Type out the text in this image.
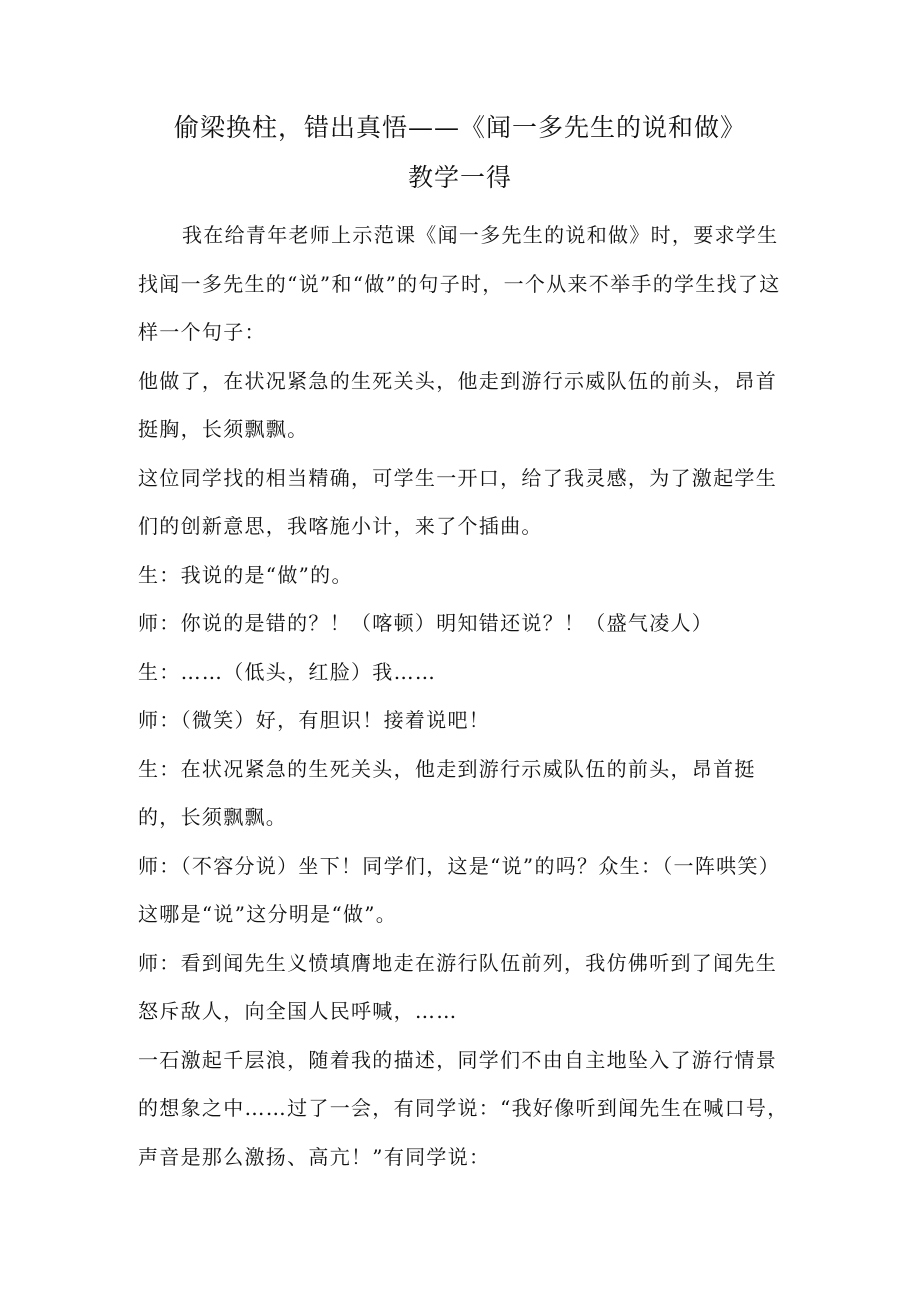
偷梁换柱，错出真悟——《闻一多先生的说和做》
教学一得

我在给青年老师上示范课《闻一多先生的说和做》时，要求学生找闻一多先生的“说”和“做”的句子时，一个从来不举手的学生找了这样一个句子：

他做了，在状况紧急的生死关头，他走到游行示威队伍的前头，昂首挺胸，长须飘飘。

这位同学找的相当精确，可学生一开口，给了我灵感，为了激起学生们的创新意思，我喀施小计，来了个插曲。

生：我说的是“做”的。

师：你说的是错的？！（喀顿）明知错还说？！（盛气凌人）

生：……（低头，红脸）我……

师：（微笑）好，有胆识！接着说吧！

生：在状况紧急的生死关头，他走到游行示威队伍的前头，昂首挺的，长须飘飘。

师：（不容分说）坐下！同学们，这是“说”的吗？众生：（一阵哄笑）这哪是“说”这分明是“做”。

师：看到闻先生义愤填膺地走在游行队伍前列，我仿佛听到了闻先生怒斥敌人，向全国人民呼喊，……

一石激起千层浪，随着我的描述，同学们不由自主地坠入了游行情景的想象之中……过了一会，有同学说：“我好像听到闻先生在喊口号，声音是那么激扬、高亢！”有同学说：
